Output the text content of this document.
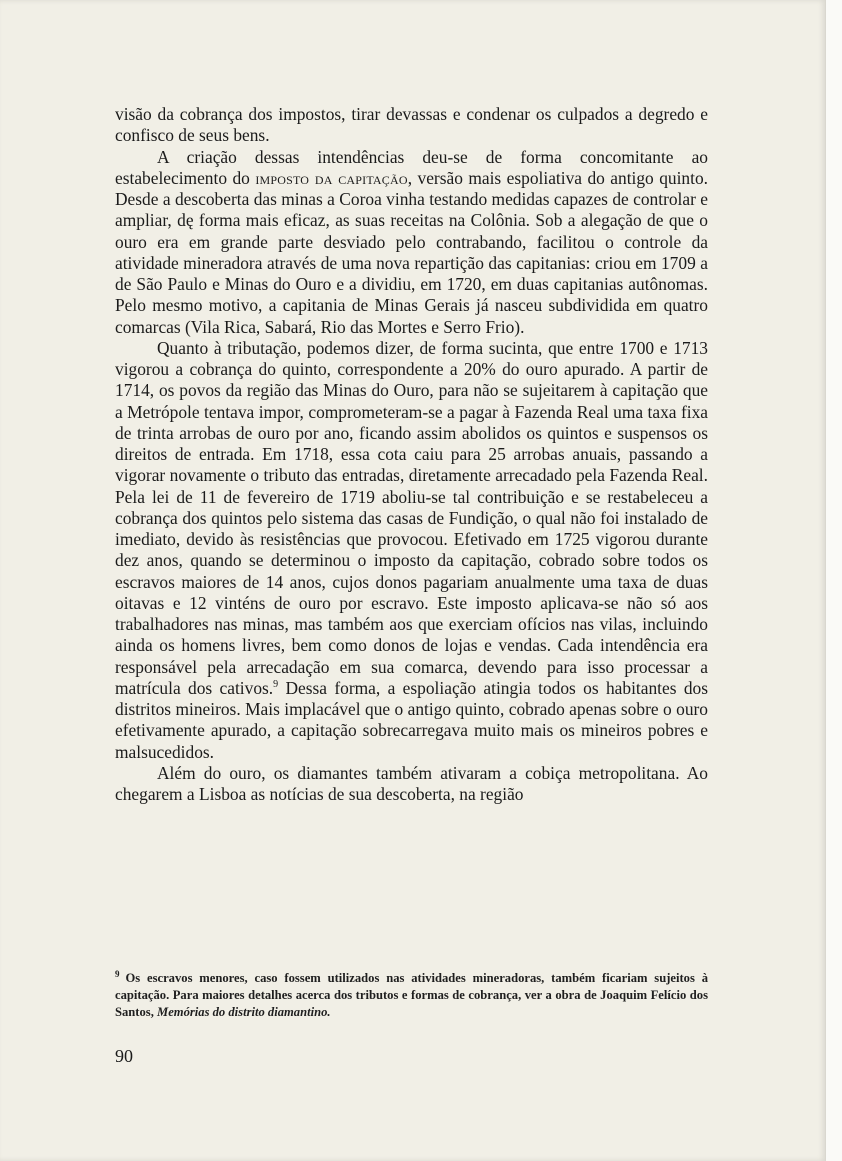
visão da cobrança dos impostos, tirar devassas e condenar os culpados a degredo e confisco de seus bens.

A criação dessas intendências deu-se de forma concomitante ao estabelecimento do imposto da capitação, versão mais espoliativa do antigo quinto. Desde a descoberta das minas a Coroa vinha testando medidas capazes de controlar e ampliar, dę forma mais eficaz, as suas receitas na Colônia. Sob a alegação de que o ouro era em grande parte desviado pelo contrabando, facilitou o controle da atividade mineradora através de uma nova repartição das capitanias: criou em 1709 a de São Paulo e Minas do Ouro e a dividiu, em 1720, em duas capitanias autônomas. Pelo mesmo motivo, a capitania de Minas Gerais já nasceu subdividida em quatro comarcas (Vila Rica, Sabará, Rio das Mortes e Serro Frio).

Quanto à tributação, podemos dizer, de forma sucinta, que entre 1700 e 1713 vigorou a cobrança do quinto, correspondente a 20% do ouro apurado. A partir de 1714, os povos da região das Minas do Ouro, para não se sujeitarem à capitação que a Metrópole tentava impor, comprometeram-se a pagar à Fazenda Real uma taxa fixa de trinta arrobas de ouro por ano, ficando assim abolidos os quintos e suspensos os direitos de entrada. Em 1718, essa cota caiu para 25 arrobas anuais, passando a vigorar novamente o tributo das entradas, diretamente arrecadado pela Fazenda Real. Pela lei de 11 de fevereiro de 1719 aboliu-se tal contribuição e se restabeleceu a cobrança dos quintos pelo sistema das casas de Fundição, o qual não foi instalado de imediato, devido às resistências que provocou. Efetivado em 1725 vigorou durante dez anos, quando se determinou o imposto da capitação, cobrado sobre todos os escravos maiores de 14 anos, cujos donos pagariam anualmente uma taxa de duas oitavas e 12 vinténs de ouro por escravo. Este imposto aplicava-se não só aos trabalhadores nas minas, mas também aos que exerciam ofícios nas vilas, incluindo ainda os homens livres, bem como donos de lojas e vendas. Cada intendência era responsável pela arrecadação em sua comarca, devendo para isso processar a matrícula dos cativos.$^9$ Dessa forma, a espoliação atingia todos os habitantes dos distritos mineiros. Mais implacável que o antigo quinto, cobrado apenas sobre o ouro efetivamente apurado, a capitação sobrecarregava muito mais os mineiros pobres e malsucedidos.

Além do ouro, os diamantes também ativaram a cobiça metropolitana. Ao chegarem a Lisboa as notícias de sua descoberta, na região

$^9$ Os escravos menores, caso fossem utilizados nas atividades mineradoras, também ficariam sujeitos à capitação. Para maiores detalhes acerca dos tributos e formas de cobrança, ver a obra de Joaquim Felício dos Santos, Memórias do distrito diamantino.
90
